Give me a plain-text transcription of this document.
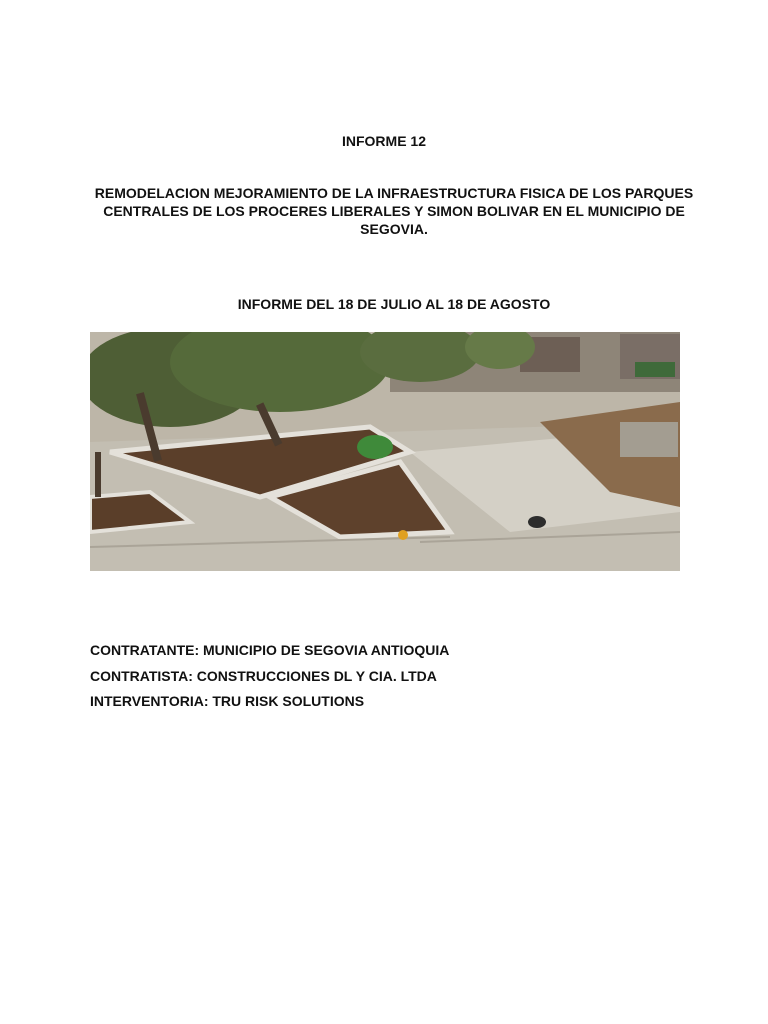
INFORME 12
REMODELACION MEJORAMIENTO DE LA INFRAESTRUCTURA FISICA DE LOS PARQUES CENTRALES DE LOS PROCERES LIBERALES Y SIMON BOLIVAR EN EL MUNICIPIO DE SEGOVIA.
INFORME DEL 18 DE JULIO AL 18 DE AGOSTO
CONTRATANTE: MUNICIPIO DE SEGOVIA ANTIOQUIA
CONTRATISTA: CONSTRUCCIONES DL Y CIA. LTDA
INTERVENTORIA: TRU RISK SOLUTIONS
